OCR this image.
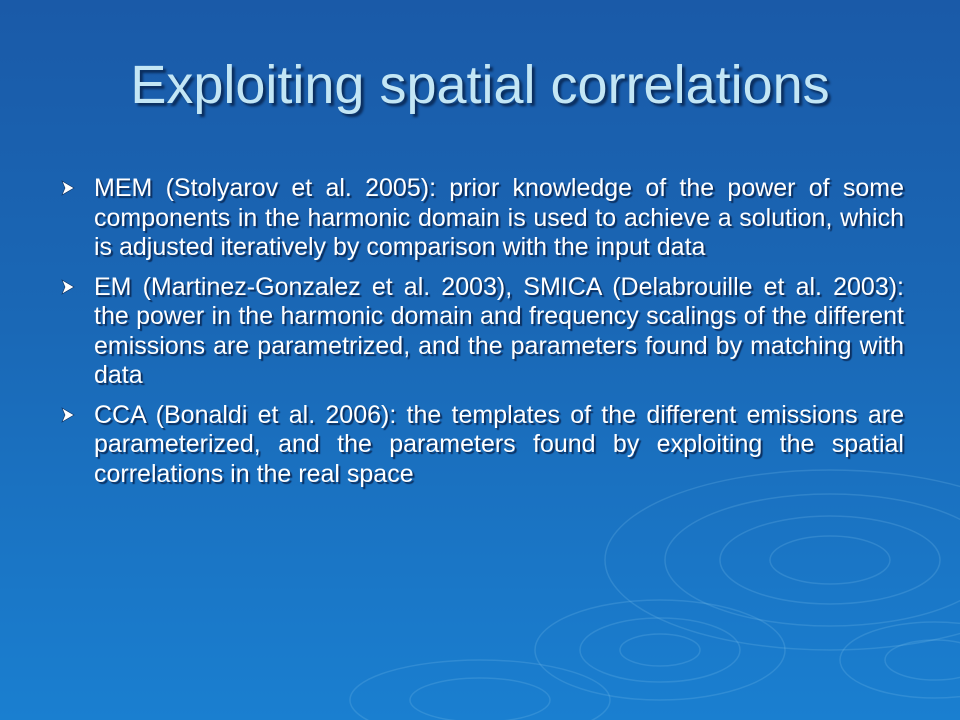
Exploiting spatial correlations
MEM (Stolyarov et al. 2005): prior knowledge of the power of some components in the harmonic domain is used to achieve a solution, which is adjusted iteratively by comparison with the input data
EM (Martinez-Gonzalez et al. 2003), SMICA (Delabrouille et al. 2003): the power in the harmonic domain and frequency scalings of the different emissions are parametrized, and the parameters found by matching with data
CCA (Bonaldi et al. 2006): the templates of the different emissions are parameterized, and the parameters found by exploiting the spatial correlations in the real space
